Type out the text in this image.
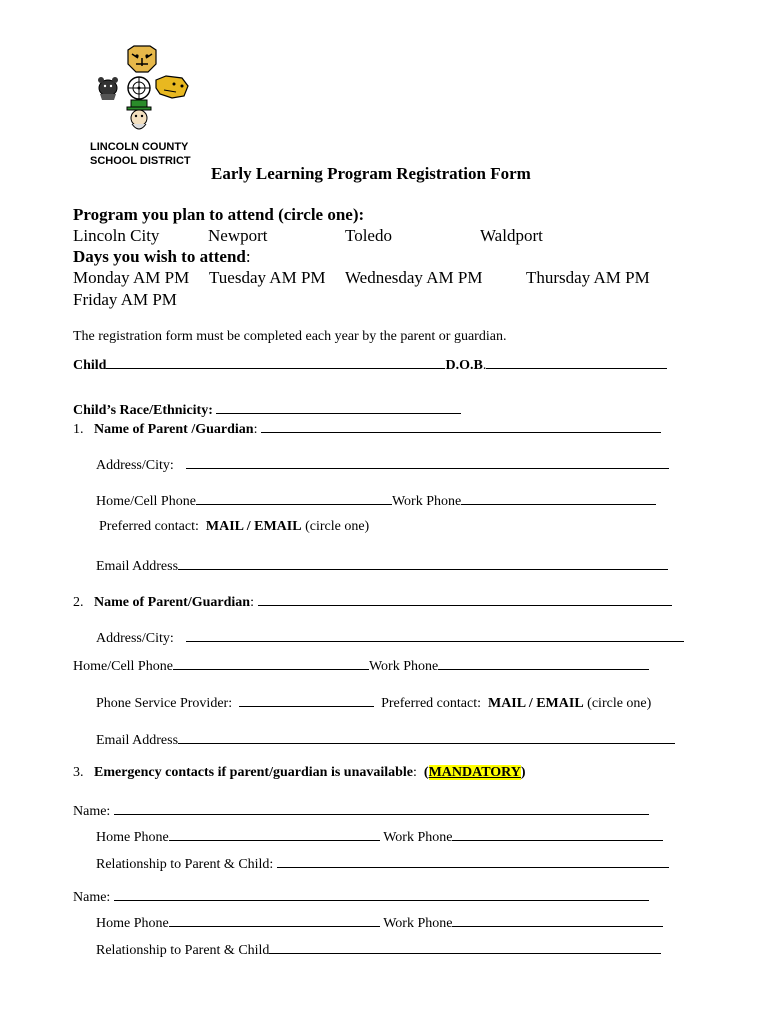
LINCOLN COUNTY
SCHOOL DISTRICT
Early Learning Program Registration Form
Program you plan to attend (circle one):
Lincoln City	Newport	Toledo	Waldport
Days you wish to attend:
Monday AM PM Tuesday AM PM Wednesday AM PM	Thursday AM PM
Friday AM PM
The registration form must be completed each year by the parent or guardian.
Child	D.O.B.
Child’s Race/Ethnicity:
1. Name of Parent /Guardian:
Address/City:
Home/Cell Phone	Work Phone
Preferred contact: MAIL / EMAIL (circle one)
Email Address
2. Name of Parent/Guardian:
Address/City:
Home/Cell Phone	Work Phone
Phone Service Provider:	Preferred contact: MAIL / EMAIL (circle one)
Email Address
3. Emergency contacts if parent/guardian is unavailable: (MANDATORY)
Name:
Home Phone	Work Phone
Relationship to Parent & Child:
Name:
Home Phone	Work Phone
Relationship to Parent & Child
